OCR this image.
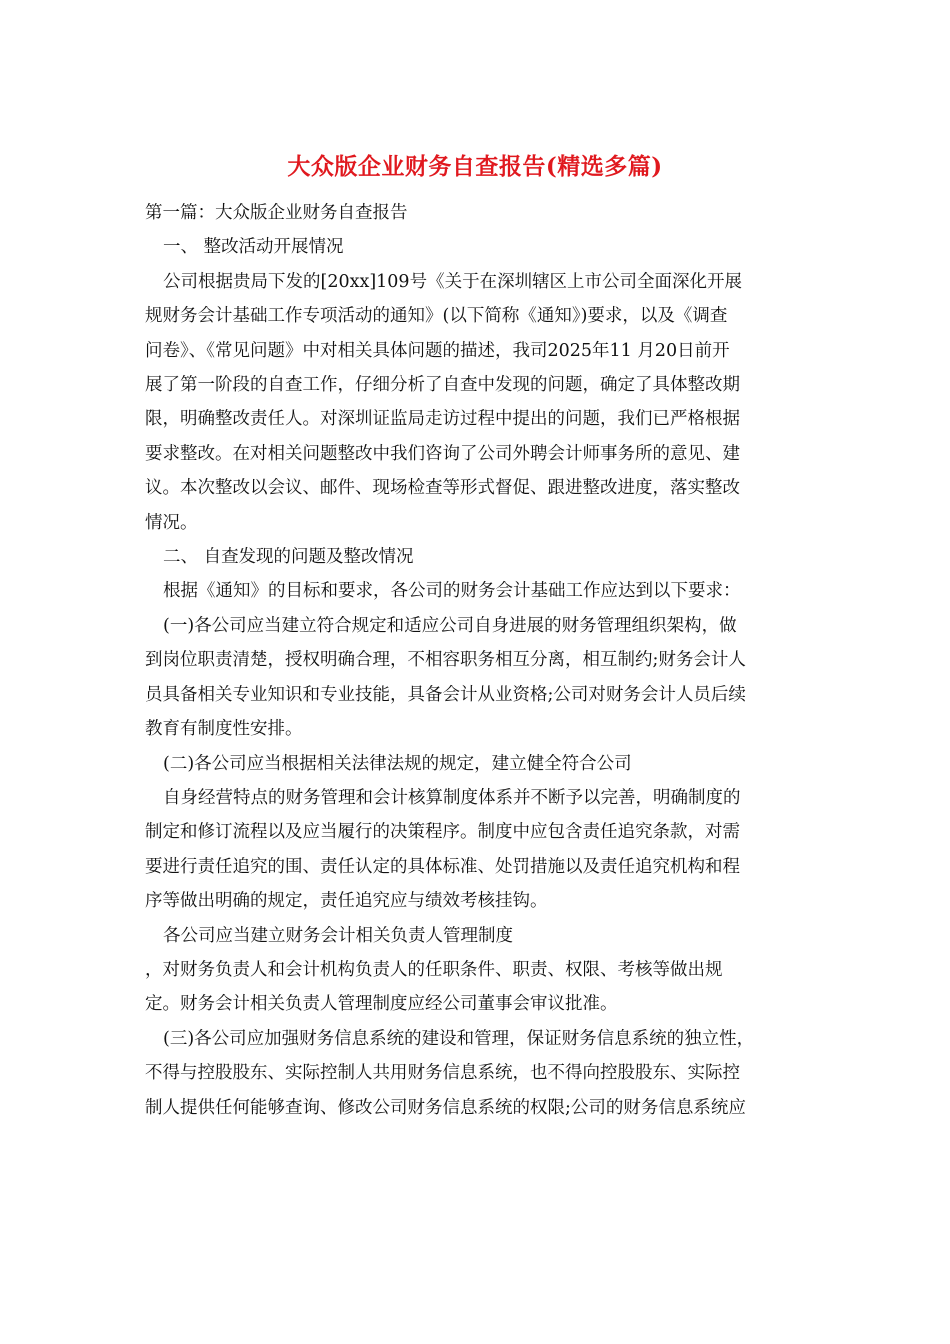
大众版企业财务自查报告(精选多篇)

第一篇：大众版企业财务自查报告

一、 整改活动开展情况

公司根据贵局下发的[20xx]109号《关于在深圳辖区上市公司全面深化开展

规财务会计基础工作专项活动的通知》(以下简称《通知》)要求，以及《调查

问卷》、《常见问题》中对相关具体问题的描述，我司2025年11 月20日前开

展了第一阶段的自查工作，仔细分析了自查中发现的问题，确定了具体整改期

限，明确整改责任人。对深圳证监局走访过程中提出的问题，我们已严格根据

要求整改。在对相关问题整改中我们咨询了公司外聘会计师事务所的意见、建

议。本次整改以会议、邮件、现场检查等形式督促、跟进整改进度，落实整改

情况。

二、 自查发现的问题及整改情况

根据《通知》的目标和要求，各公司的财务会计基础工作应达到以下要求：

(一)各公司应当建立符合规定和适应公司自身进展的财务管理组织架构，做

到岗位职责清楚，授权明确合理，不相容职务相互分离，相互制约;财务会计人

员具备相关专业知识和专业技能，具备会计从业资格;公司对财务会计人员后续

教育有制度性安排。

(二)各公司应当根据相关法律法规的规定，建立健全符合公司

自身经营特点的财务管理和会计核算制度体系并不断予以完善，明确制度的

制定和修订流程以及应当履行的决策程序。制度中应包含责任追究条款，对需

要进行责任追究的围、责任认定的具体标准、处罚措施以及责任追究机构和程

序等做出明确的规定，责任追究应与绩效考核挂钩。

各公司应当建立财务会计相关负责人管理制度

，对财务负责人和会计机构负责人的任职条件、职责、权限、考核等做出规

定。财务会计相关负责人管理制度应经公司董事会审议批准。

(三)各公司应加强财务信息系统的建设和管理，保证财务信息系统的独立性，

不得与控股股东、实际控制人共用财务信息系统，也不得向控股股东、实际控

制人提供任何能够查询、修改公司财务信息系统的权限;公司的财务信息系统应
